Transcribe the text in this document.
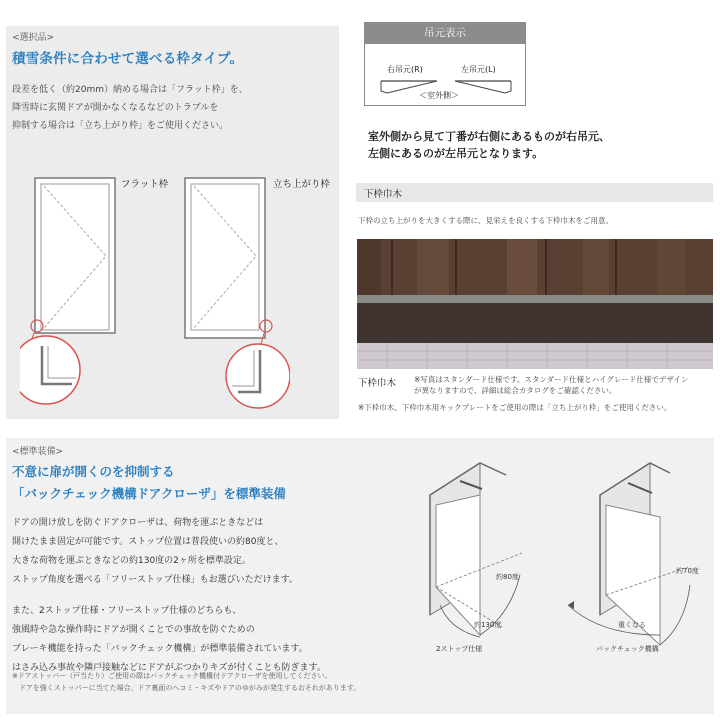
<選択品>
積雪条件に合わせて選べる枠タイプ。
段差を低く（約20mm）納める場合は「フラット枠」を、
降雪時に玄関ドアが開かなくなるなどのトラブルを
抑制する場合は「立ち上がり枠」をご使用ください。
フラット枠	立ち上がり枠
吊元表示
右吊元(R)	左吊元(L)
＜室外側＞
室外側から見て丁番が右側にあるものが右吊元、
左側にあるのが左吊元となります。
下枠巾木
下枠の立ち上がりを大きくする際に、見栄えを良くする下枠巾木をご用意。
下枠巾木 ※写真はスタンダード仕様です。スタンダード仕様とハイグレード仕様でデザイン
が異なりますので、詳細は総合カタログをご確認ください。
※下枠巾木、下枠巾木用キックプレートをご使用の際は「立ち上がり枠」をご使用ください。
<標準装備>
不意に扉が開くのを抑制する
「バックチェック機構ドアクローザ」を標準装備
ドアの開け放しを防ぐドアクローザは、荷物を運ぶときなどは
開けたまま固定が可能です。ストップ位置は普段使いの約80度と、
大きな荷物を運ぶときなどの約130度の2ヶ所を標準設定。
ストップ角度を選べる「フリーストップ仕様」もお選びいただけます。
また、2ストップ仕様・フリーストップ仕様のどちらも、
強風時や急な操作時にドアが開くことでの事故を防ぐための
ブレーキ機能を持った「バックチェック機構」が標準装備されています。
はさみ込み事故や隣戸接触などにドアがぶつかりキズが付くことも防ぎます。
※ドアストッパー（戸当たり）ご使用の際はバックチェック機構付ドアクローザを使用してください。
　ドアを強くストッパーに当てた場合、ドア裏面のヘコミ・キズやドアのゆがみが発生するおそれがあります。
約80度
約130度
2ストップ仕様
約70度
重くなる
バックチェック機構
